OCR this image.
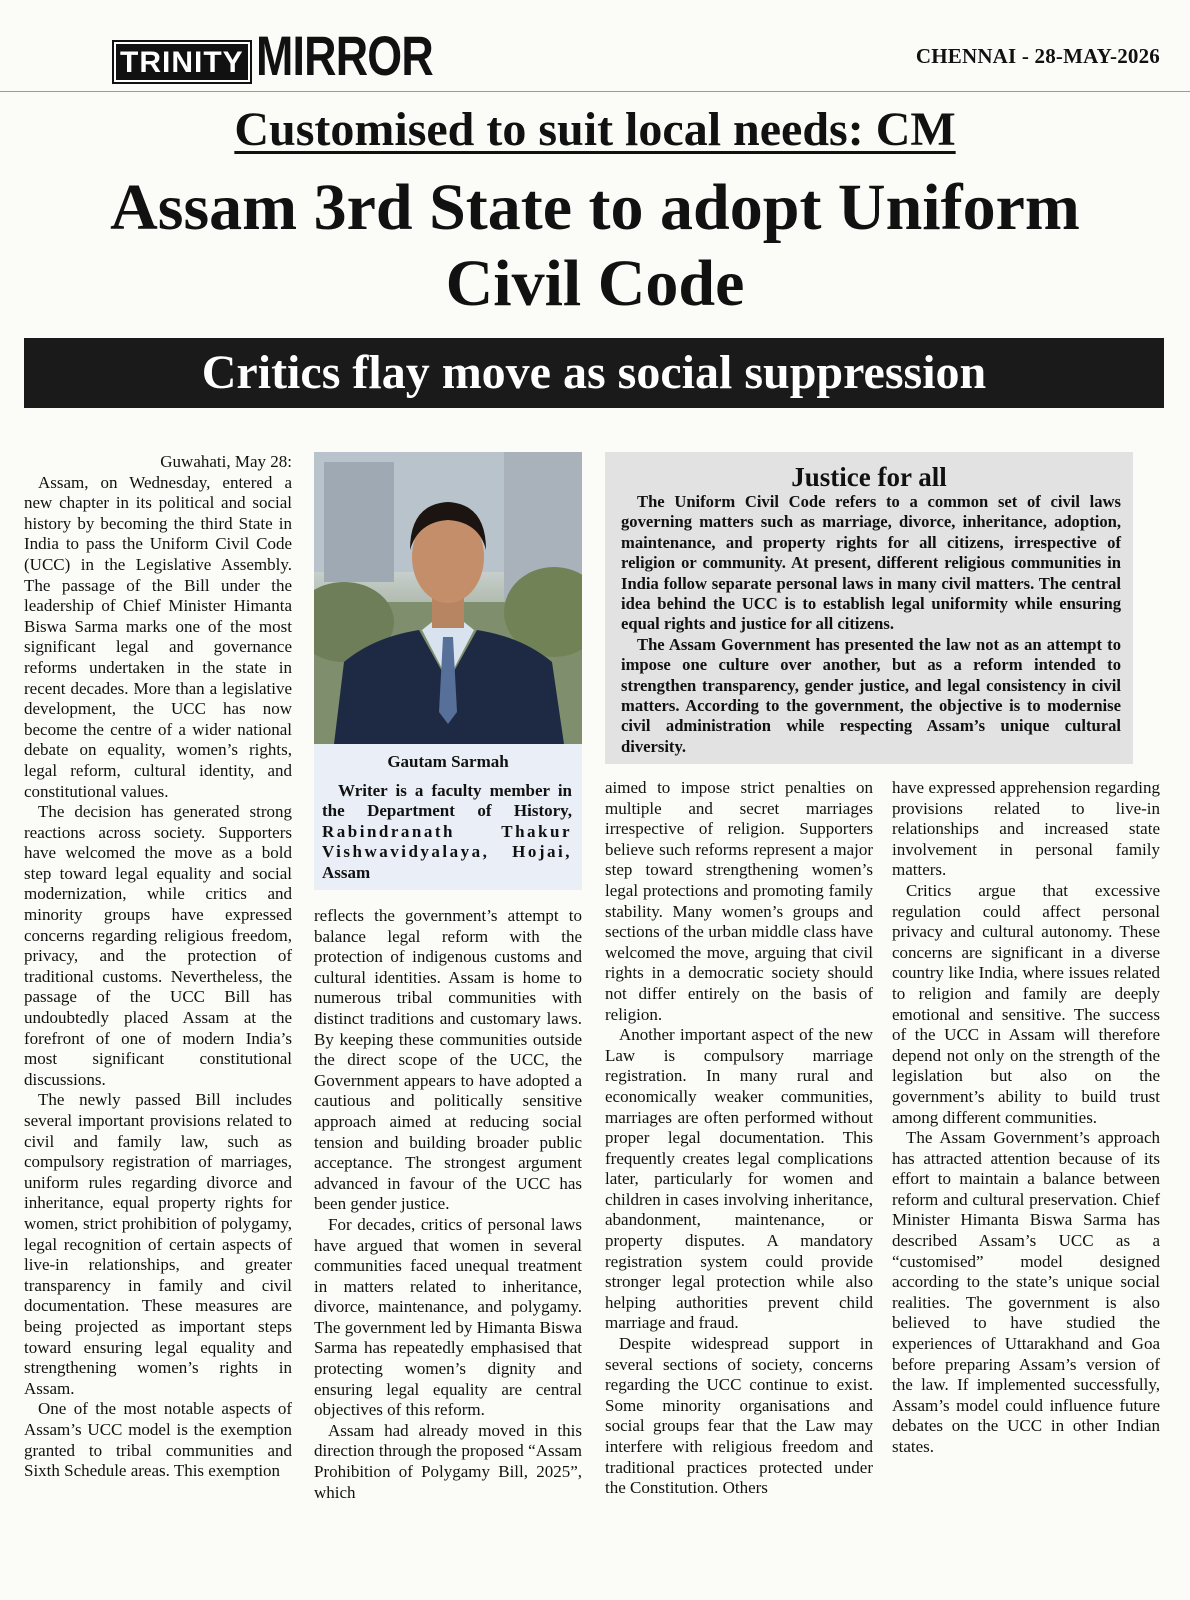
TRINITY MIRROR	CHENNAI - 28-MAY-2026
Customised to suit local needs: CM
Assam 3rd State to adopt Uniform Civil Code
Critics flay move as social suppression

Guwahati, May 28:

Assam, on Wednesday, entered a new chapter in its political and social history by becoming the third State in India to pass the Uniform Civil Code (UCC) in the Legislative Assembly. The passage of the Bill under the leadership of Chief Minister Himanta Biswa Sarma marks one of the most significant legal and governance reforms undertaken in the state in recent decades. More than a legislative development, the UCC has now become the centre of a wider national debate on equality, women’s rights, legal reform, cultural identity, and constitutional values.

The decision has generated strong reactions across society. Supporters have welcomed the move as a bold step toward legal equality and social modernization, while critics and minority groups have expressed concerns regarding religious freedom, privacy, and the protection of traditional customs. Nevertheless, the passage of the UCC Bill has undoubtedly placed Assam at the forefront of one of modern India’s most significant constitutional discussions.

The newly passed Bill includes several important provisions related to civil and family law, such as compulsory registration of marriages, uniform rules regarding divorce and inheritance, equal property rights for women, strict prohibition of polygamy, legal recognition of certain aspects of live-in relationships, and greater transparency in family and civil documentation. These measures are being projected as important steps toward ensuring legal equality and strengthening women’s rights in Assam.

One of the most notable aspects of Assam’s UCC model is the exemption granted to tribal communities and Sixth Schedule areas. This exemption

Gautam Sarmah
Writer is a faculty member in the Department of History, Rabindranath Thakur Vishwavidyalaya, Hojai, Assam

reflects the government’s attempt to balance legal reform with the protection of indigenous customs and cultural identities. Assam is home to numerous tribal communities with distinct traditions and customary laws. By keeping these communities outside the direct scope of the UCC, the Government appears to have adopted a cautious and politically sensitive approach aimed at reducing social tension and building broader public acceptance. The strongest argument advanced in favour of the UCC has been gender justice.

For decades, critics of personal laws have argued that women in several communities faced unequal treatment in matters related to inheritance, divorce, maintenance, and polygamy. The government led by Himanta Biswa Sarma has repeatedly emphasised that protecting women’s dignity and ensuring legal equality are central objectives of this reform.

Assam had already moved in this direction through the proposed “Assam Prohibition of Polygamy Bill, 2025”, which

Justice for all

The Uniform Civil Code refers to a common set of civil laws governing matters such as marriage, divorce, inheritance, adoption, maintenance, and property rights for all citizens, irrespective of religion or community. At present, different religious communities in India follow separate personal laws in many civil matters. The central idea behind the UCC is to establish legal uniformity while ensuring equal rights and justice for all citizens.

The Assam Government has presented the law not as an attempt to impose one culture over another, but as a reform intended to strengthen transparency, gender justice, and legal consistency in civil matters. According to the government, the objective is to modernise civil administration while respecting Assam’s unique cultural diversity.

aimed to impose strict penalties on multiple and secret marriages irrespective of religion. Supporters believe such reforms represent a major step toward strengthening women’s legal protections and promoting family stability. Many women’s groups and sections of the urban middle class have welcomed the move, arguing that civil rights in a democratic society should not differ entirely on the basis of religion.

Another important aspect of the new Law is compulsory marriage registration. In many rural and economically weaker communities, marriages are often performed without proper legal documentation. This frequently creates legal complications later, particularly for women and children in cases involving inheritance, abandonment, maintenance, or property disputes. A mandatory registration system could provide stronger legal protection while also helping authorities prevent child marriage and fraud.

Despite widespread support in several sections of society, concerns regarding the UCC continue to exist. Some minority organisations and social groups fear that the Law may interfere with religious freedom and traditional practices protected under the Constitution. Others

have expressed apprehension regarding provisions related to live-in relationships and increased state involvement in personal family matters.

Critics argue that excessive regulation could affect personal privacy and cultural autonomy. These concerns are significant in a diverse country like India, where issues related to religion and family are deeply emotional and sensitive. The success of the UCC in Assam will therefore depend not only on the strength of the legislation but also on the government’s ability to build trust among different communities.

The Assam Government’s approach has attracted attention because of its effort to maintain a balance between reform and cultural preservation. Chief Minister Himanta Biswa Sarma has described Assam’s UCC as a “customised” model designed according to the state’s unique social realities. The government is also believed to have studied the experiences of Uttarakhand and Goa before preparing Assam’s version of the law. If implemented successfully, Assam’s model could influence future debates on the UCC in other Indian states.
